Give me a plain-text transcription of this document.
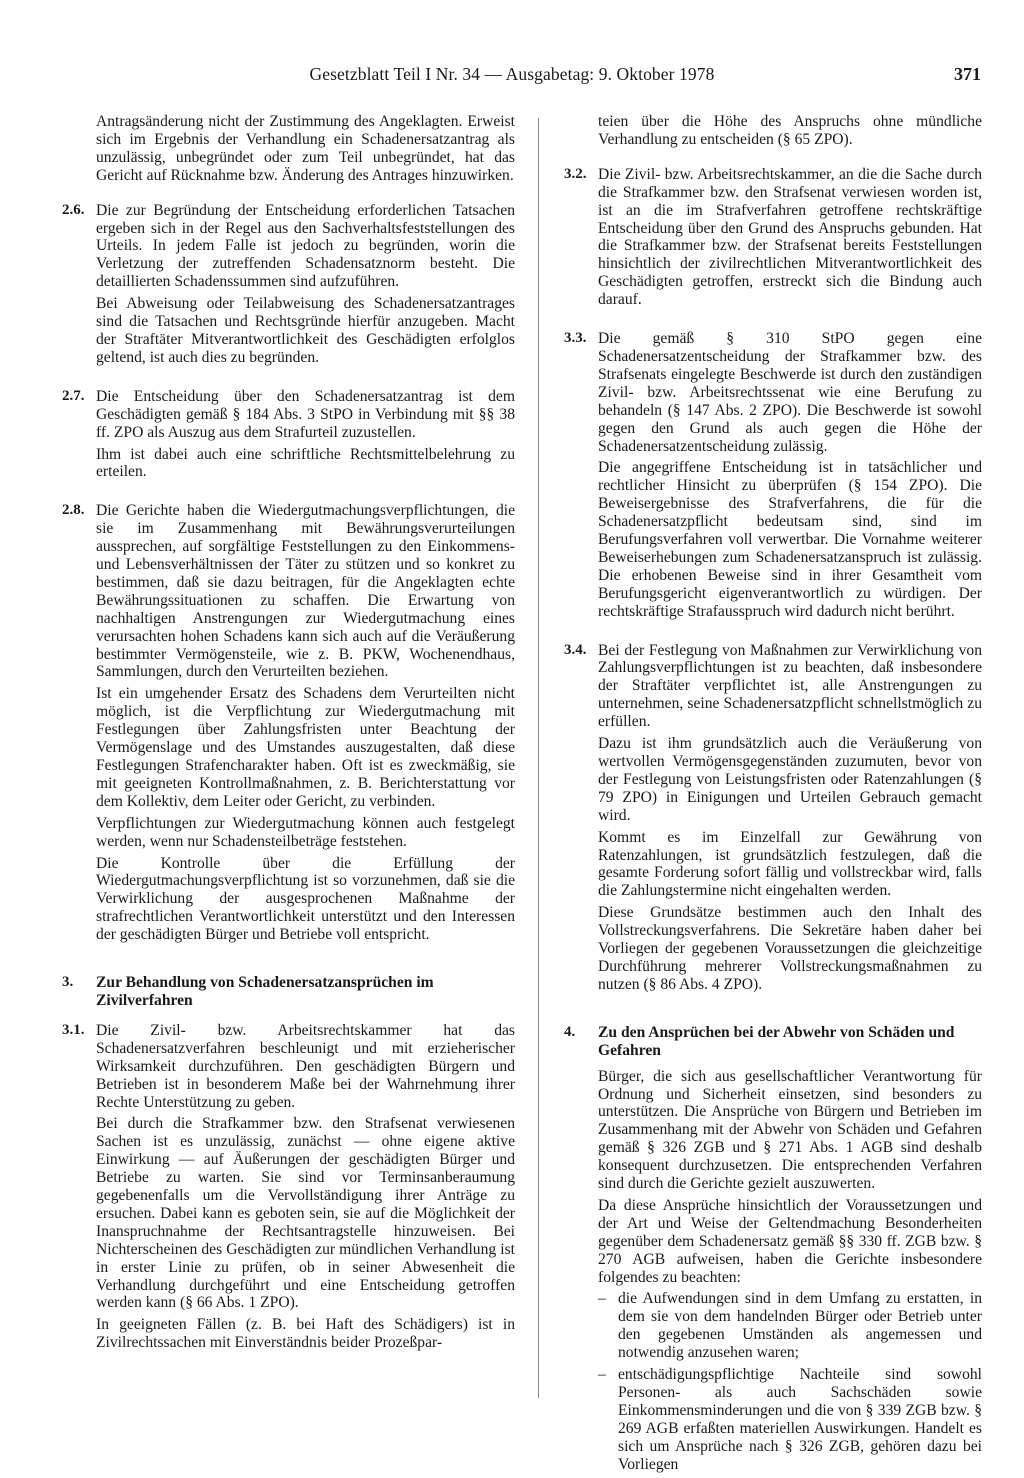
Gesetzblatt Teil I Nr. 34 — Ausgabetag: 9. Oktober 1978	371

Antragsänderung nicht der Zustimmung des Angeklagten. Erweist sich im Ergebnis der Verhandlung ein Schadenersatzantrag als unzulässig, unbegründet oder zum Teil unbegründet, hat das Gericht auf Rücknahme bzw. Änderung des Antrages hinzuwirken.

2.6. Die zur Begründung der Entscheidung erforderlichen Tatsachen ergeben sich in der Regel aus den Sachverhaltsfeststellungen des Urteils. In jedem Falle ist jedoch zu begründen, worin die Verletzung der zutreffenden Schadensatznorm besteht. Die detaillierten Schadenssummen sind aufzuführen.

Bei Abweisung oder Teilabweisung des Schadenersatzantrages sind die Tatsachen und Rechtsgründe hierfür anzugeben. Macht der Straftäter Mitverantwortlichkeit des Geschädigten erfolglos geltend, ist auch dies zu begründen.

2.7. Die Entscheidung über den Schadenersatzantrag ist dem Geschädigten gemäß § 184 Abs. 3 StPO in Verbindung mit §§ 38 ff. ZPO als Auszug aus dem Strafurteil zuzustellen.

Ihm ist dabei auch eine schriftliche Rechtsmittelbelehrung zu erteilen.

2.8. Die Gerichte haben die Wiedergutmachungsverpflichtungen, die sie im Zusammenhang mit Bewährungsverurteilungen aussprechen, auf sorgfältige Feststellungen zu den Einkommens- und Lebensverhältnissen der Täter zu stützen und so konkret zu bestimmen, daß sie dazu beitragen, für die Angeklagten echte Bewährungssituationen zu schaffen. Die Erwartung von nachhaltigen Anstrengungen zur Wiedergutmachung eines verursachten hohen Schadens kann sich auch auf die Veräußerung bestimmter Vermögensteile, wie z. B. PKW, Wochenendhaus, Sammlungen, durch den Verurteilten beziehen.

Ist ein umgehender Ersatz des Schadens dem Verurteilten nicht möglich, ist die Verpflichtung zur Wiedergutmachung mit Festlegungen über Zahlungsfristen unter Beachtung der Vermögenslage und des Umstandes auszugestalten, daß diese Festlegungen Strafencharakter haben. Oft ist es zweckmäßig, sie mit geeigneten Kontrollmaßnahmen, z. B. Berichterstattung vor dem Kollektiv, dem Leiter oder Gericht, zu verbinden.

Verpflichtungen zur Wiedergutmachung können auch festgelegt werden, wenn nur Schadensteilbeträge feststehen.

Die Kontrolle über die Erfüllung der Wiedergutmachungsverpflichtung ist so vorzunehmen, daß sie die Verwirklichung der ausgesprochenen Maßnahme der strafrechtlichen Verantwortlichkeit unterstützt und den Interessen der geschädigten Bürger und Betriebe voll entspricht.

3.	Zur Behandlung von Schadenersatzansprüchen im Zivilverfahren
3.1. Die Zivil- bzw. Arbeitsrechtskammer hat das Schadenersatzverfahren beschleunigt und mit erzieherischer Wirksamkeit durchzuführen. Den geschädigten Bürgern und Betrieben ist in besonderem Maße bei der Wahrnehmung ihrer Rechte Unterstützung zu geben.

Bei durch die Strafkammer bzw. den Strafsenat verwiesenen Sachen ist es unzulässig, zunächst — ohne eigene aktive Einwirkung — auf Äußerungen der geschädigten Bürger und Betriebe zu warten. Sie sind vor Terminsanberaumung gegebenenfalls um die Vervollständigung ihrer Anträge zu ersuchen. Dabei kann es geboten sein, sie auf die Möglichkeit der Inanspruchnahme der Rechtsantragstelle hinzuweisen. Bei Nichterscheinen des Geschädigten zur mündlichen Verhandlung ist in erster Linie zu prüfen, ob in seiner Abwesenheit die Verhandlung durchgeführt und eine Entscheidung getroffen werden kann (§ 66 Abs. 1 ZPO).

In geeigneten Fällen (z. B. bei Haft des Schädigers) ist in Zivilrechtssachen mit Einverständnis beider Prozeßpar-

teien über die Höhe des Anspruchs ohne mündliche Verhandlung zu entscheiden (§ 65 ZPO).

3.2. Die Zivil- bzw. Arbeitsrechtskammer, an die die Sache durch die Strafkammer bzw. den Strafsenat verwiesen worden ist, ist an die im Strafverfahren getroffene rechtskräftige Entscheidung über den Grund des Anspruchs gebunden. Hat die Strafkammer bzw. der Strafsenat bereits Feststellungen hinsichtlich der zivilrechtlichen Mitverantwortlichkeit des Geschädigten getroffen, erstreckt sich die Bindung auch darauf.

3.3. Die gemäß § 310 StPO gegen eine Schadenersatzentscheidung der Strafkammer bzw. des Strafsenats eingelegte Beschwerde ist durch den zuständigen Zivil- bzw. Arbeitsrechtssenat wie eine Berufung zu behandeln (§ 147 Abs. 2 ZPO). Die Beschwerde ist sowohl gegen den Grund als auch gegen die Höhe der Schadenersatzentscheidung zulässig.

Die angegriffene Entscheidung ist in tatsächlicher und rechtlicher Hinsicht zu überprüfen (§ 154 ZPO). Die Beweisergebnisse des Strafverfahrens, die für die Schadenersatzpflicht bedeutsam sind, sind im Berufungsverfahren voll verwertbar. Die Vornahme weiterer Beweiserhebungen zum Schadenersatzanspruch ist zulässig. Die erhobenen Beweise sind in ihrer Gesamtheit vom Berufungsgericht eigenverantwortlich zu würdigen. Der rechtskräftige Strafausspruch wird dadurch nicht berührt.

3.4. Bei der Festlegung von Maßnahmen zur Verwirklichung von Zahlungsverpflichtungen ist zu beachten, daß insbesondere der Straftäter verpflichtet ist, alle Anstrengungen zu unternehmen, seine Schadenersatzpflicht schnellstmöglich zu erfüllen.

Dazu ist ihm grundsätzlich auch die Veräußerung von wertvollen Vermögensgegenständen zuzumuten, bevor von der Festlegung von Leistungsfristen oder Ratenzahlungen (§ 79 ZPO) in Einigungen und Urteilen Gebrauch gemacht wird.

Kommt es im Einzelfall zur Gewährung von Ratenzahlungen, ist grundsätzlich festzulegen, daß die gesamte Forderung sofort fällig und vollstreckbar wird, falls die Zahlungstermine nicht eingehalten werden.

Diese Grundsätze bestimmen auch den Inhalt des Vollstreckungsverfahrens. Die Sekretäre haben daher bei Vorliegen der gegebenen Voraussetzungen die gleichzeitige Durchführung mehrerer Vollstreckungsmaßnahmen zu nutzen (§ 86 Abs. 4 ZPO).

4.	Zu den Ansprüchen bei der Abwehr von Schäden und Gefahren

Bürger, die sich aus gesellschaftlicher Verantwortung für Ordnung und Sicherheit einsetzen, sind besonders zu unterstützen. Die Ansprüche von Bürgern und Betrieben im Zusammenhang mit der Abwehr von Schäden und Gefahren gemäß § 326 ZGB und § 271 Abs. 1 AGB sind deshalb konsequent durchzusetzen. Die entsprechenden Verfahren sind durch die Gerichte gezielt auszuwerten.

Da diese Ansprüche hinsichtlich der Voraussetzungen und der Art und Weise der Geltendmachung Besonderheiten gegenüber dem Schadenersatz gemäß §§ 330 ff. ZGB bzw. § 270 AGB aufweisen, haben die Gerichte insbesondere folgendes zu beachten:

– die Aufwendungen sind in dem Umfang zu erstatten, in dem sie von dem handelnden Bürger oder Betrieb unter den gegebenen Umständen als angemessen und notwendig anzusehen waren;
– entschädigungspflichtige Nachteile sind sowohl Personen- als auch Sachschäden sowie Einkommensminderungen und die von § 339 ZGB bzw. § 269 AGB erfaßten materiellen Auswirkungen. Handelt es sich um Ansprüche nach § 326 ZGB, gehören dazu bei Vorliegen
